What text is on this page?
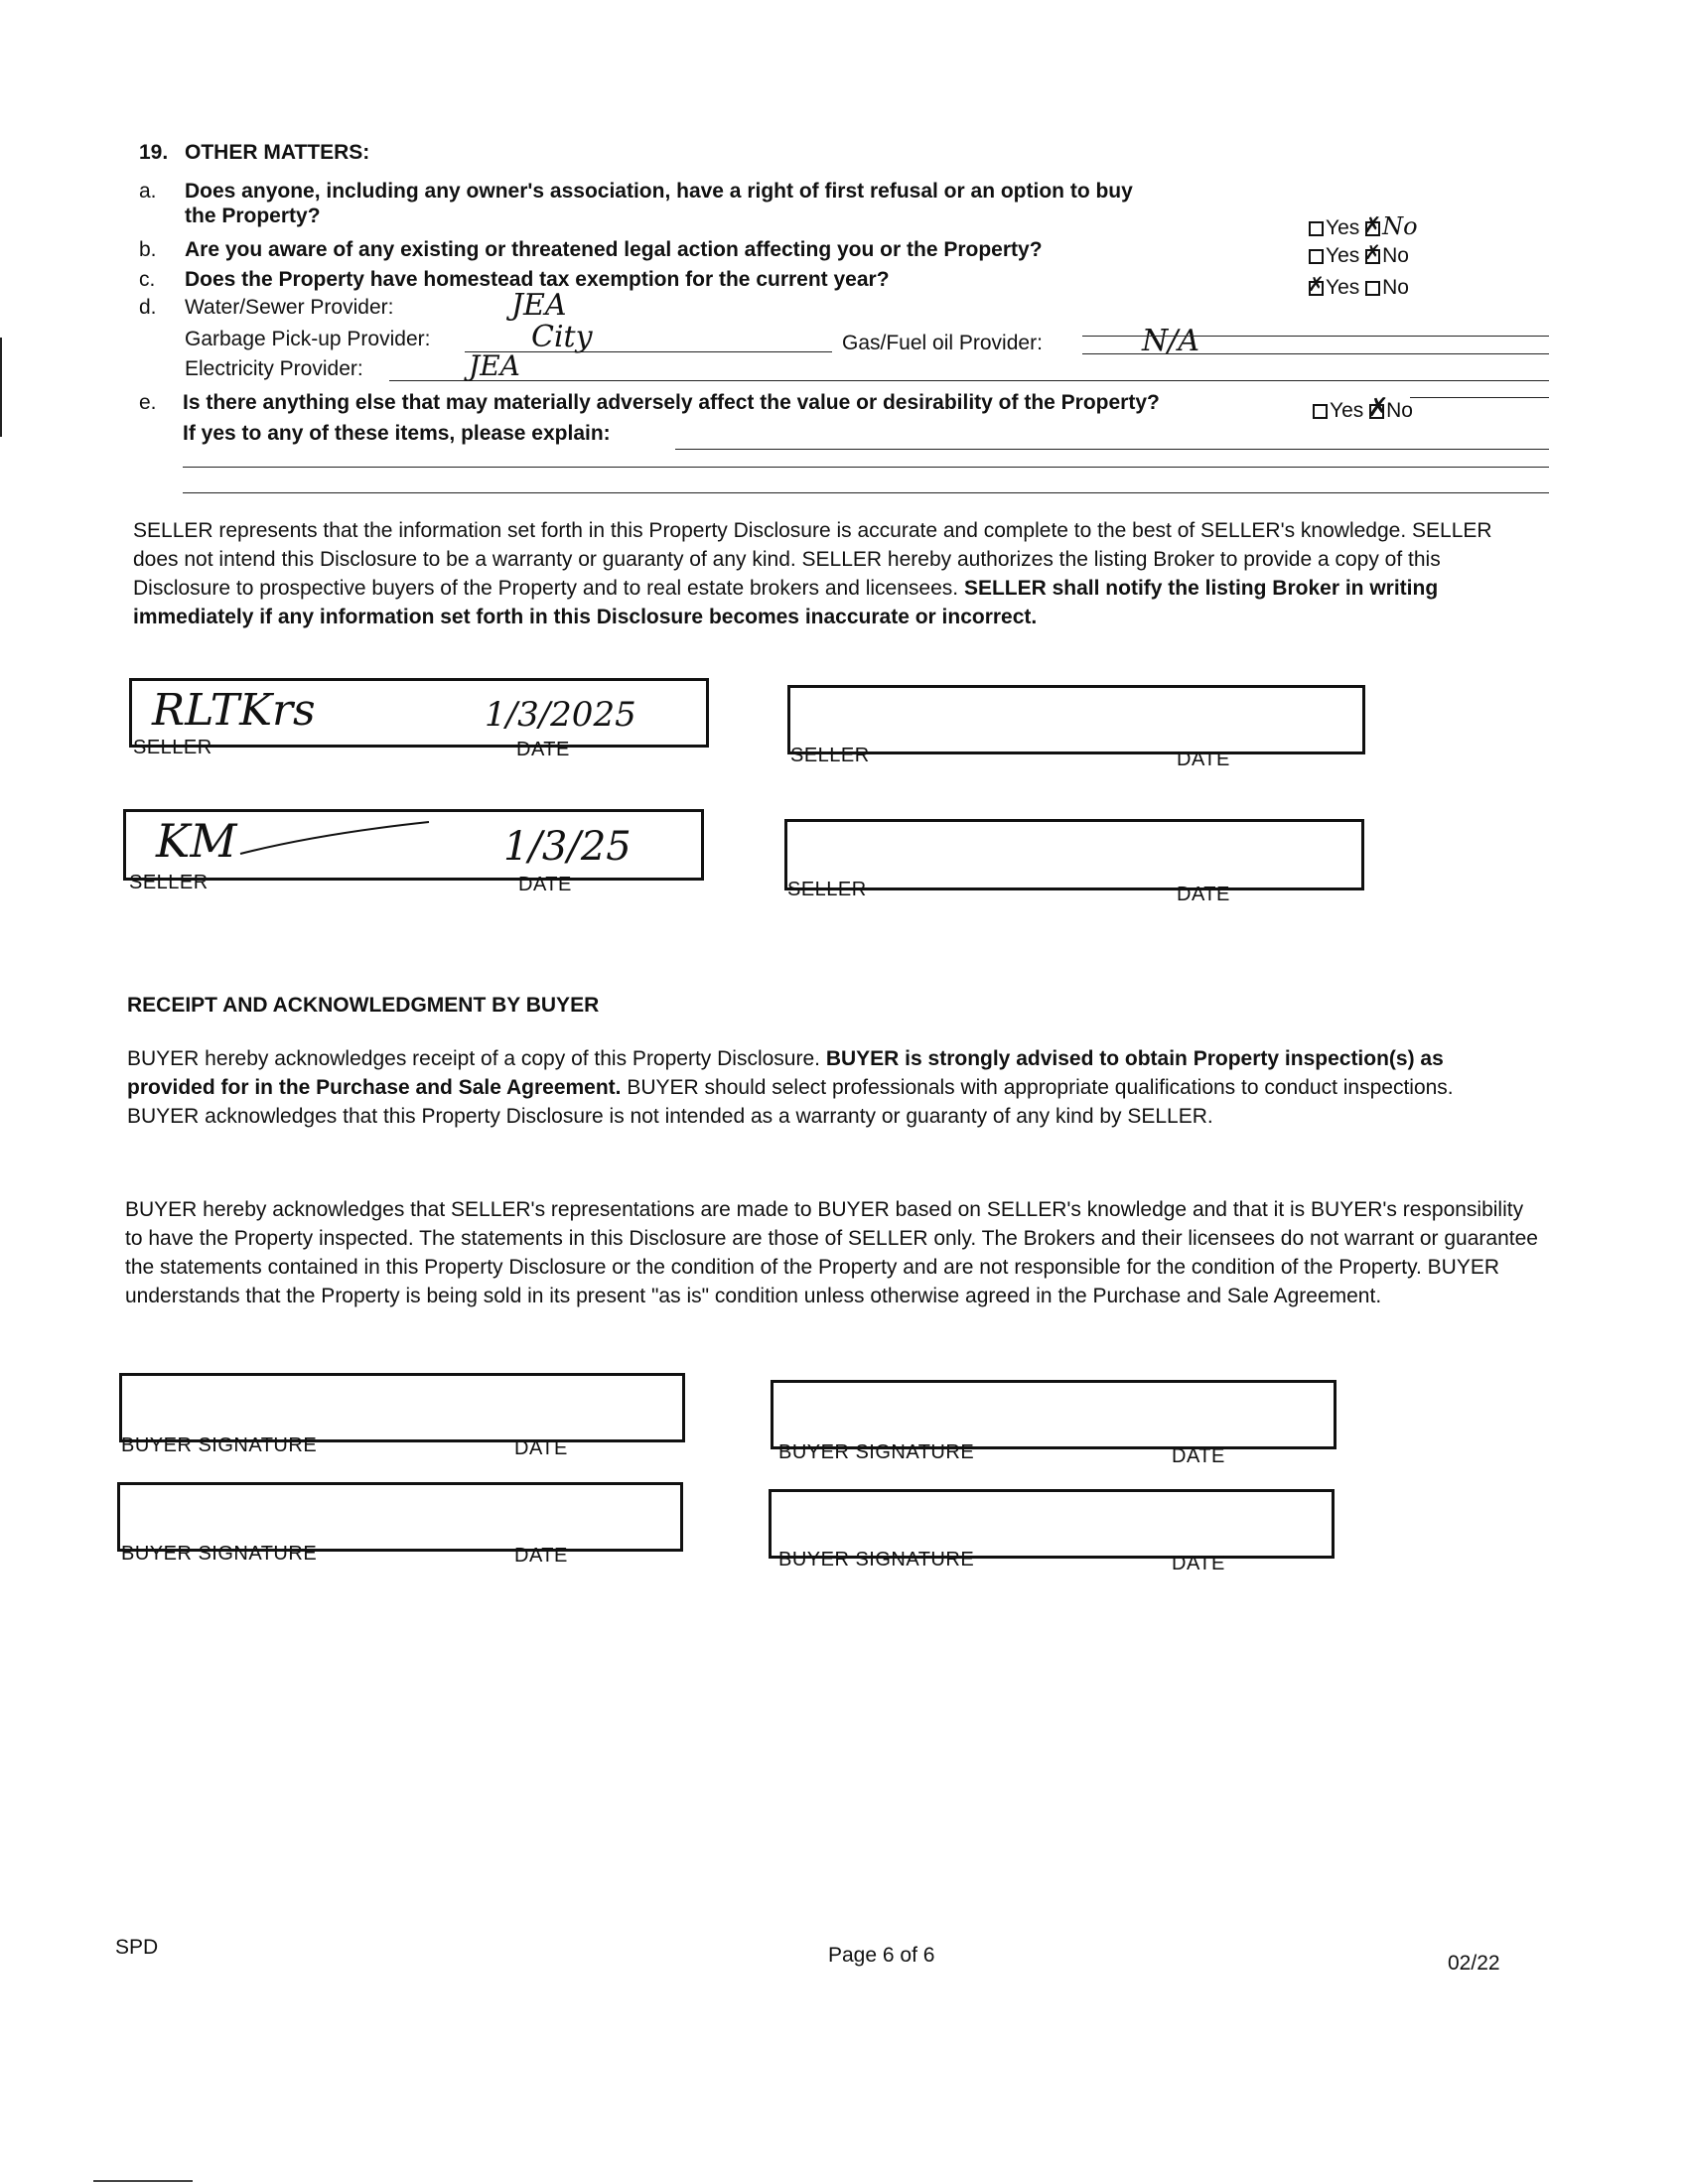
19. OTHER MATTERS:
a. Does anyone, including any owner's association, have a right of first refusal or an option to buy
the Property?
Yes ✗ No
b. Are you aware of any existing or threatened legal action affecting you or the Property?	Yes ✗ No
c. Does the Property have homestead tax exemption for the current year?	✗ Yes No
d. Water/Sewer Provider:	JEA
Garbage Pick-up Provider:	City	Gas/Fuel oil Provider:	N/A
Electricity Provider:	JEA
e. Is there anything else that may materially adversely affect the value or desirability of the Property?	Yes ✗
No
If yes to any of these items, please explain:
SELLER represents that the information set forth in this Property Disclosure is accurate and complete to the best of SELLER's knowledge. SELLER does not intend this Disclosure to be a warranty or guaranty of any kind. SELLER hereby authorizes the listing Broker to provide a copy of this Disclosure to prospective buyers of the Property and to real estate brokers and licensees. SELLER shall notify the listing Broker in writing immediately if any information set forth in this Disclosure becomes inaccurate or incorrect.
RLTKrs	1/3/2025
SELLER	DATE	SELLER	DATE
KM	1/3/25
SELLER	DATE	SELLER	DATE
RECEIPT AND ACKNOWLEDGMENT BY BUYER
BUYER hereby acknowledges receipt of a copy of this Property Disclosure. BUYER is strongly advised to obtain Property inspection(s) as provided for in the Purchase and Sale Agreement. BUYER should select professionals with appropriate qualifications to conduct inspections. BUYER acknowledges that this Property Disclosure is not intended as a warranty or guaranty of any kind by SELLER.
BUYER hereby acknowledges that SELLER's representations are made to BUYER based on SELLER's knowledge and that it is BUYER's responsibility to have the Property inspected. The statements in this Disclosure are those of SELLER only. The Brokers and their licensees do not warrant or guarantee the statements contained in this Property Disclosure or the condition of the Property and are not responsible for the condition of the Property. BUYER understands that the Property is being sold in its present "as is" condition unless otherwise agreed in the Purchase and Sale Agreement.
BUYER SIGNATURE	DATE	BUYER SIGNATURE	DATE
BUYER SIGNATURE	DATE	BUYER SIGNATURE	DATE
SPD	Page 6 of 6	02/22
